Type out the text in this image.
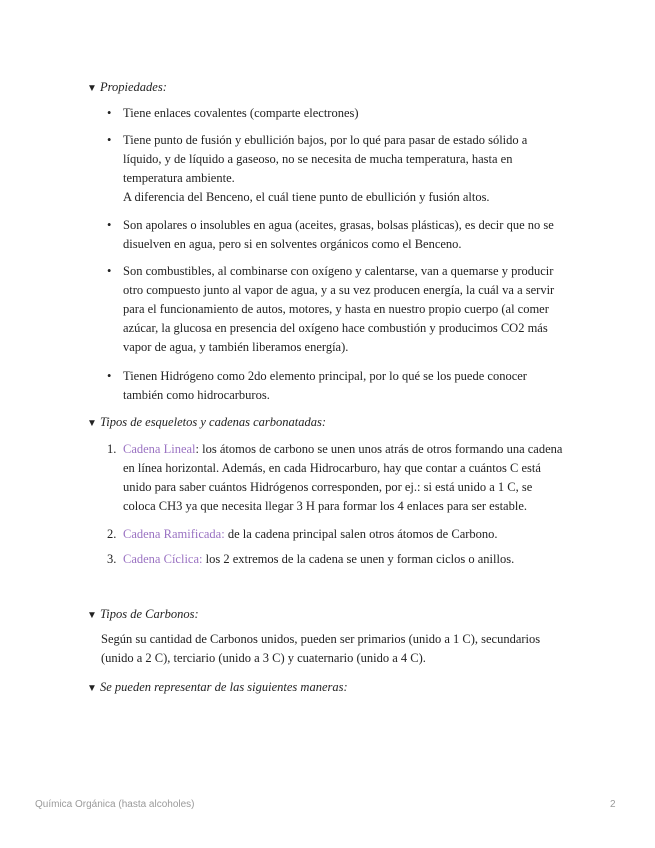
▼ Propiedades:
• Tiene enlaces covalentes (comparte electrones)
• Tiene punto de fusión y ebullición bajos, por lo qué para pasar de estado sólido a
líquido, y de líquido a gaseoso, no se necesita de mucha temperatura, hasta en
temperatura ambiente.
A diferencia del Benceno, el cuál tiene punto de ebullición y fusión altos.
• Son apolares o insolubles en agua (aceites, grasas, bolsas plásticas), es decir que no se
disuelven en agua, pero si en solventes orgánicos como el Benceno.
• Son combustibles, al combinarse con oxígeno y calentarse, van a quemarse y producir
otro compuesto junto al vapor de agua, y a su vez producen energía, la cuál va a servir
para el funcionamiento de autos, motores, y hasta en nuestro propio cuerpo (al comer
azúcar, la glucosa en presencia del oxígeno hace combustión y producimos CO2 más
vapor de agua, y también liberamos energía).
• Tienen Hidrógeno como 2do elemento principal, por lo qué se los puede conocer
también como hidrocarburos.
▼ Tipos de esqueletos y cadenas carbonatadas:
1. Cadena Lineal: los átomos de carbono se unen unos atrás de otros formando una cadena
en línea horizontal. Además, en cada Hidrocarburo, hay que contar a cuántos C está
unido para saber cuántos Hidrógenos corresponden, por ej.: si está unido a 1 C, se
coloca CH3 ya que necesita llegar 3 H para formar los 4 enlaces para ser estable.
2. Cadena Ramificada: de la cadena principal salen otros átomos de Carbono.
3. Cadena Cíclica: los 2 extremos de la cadena se unen y forman ciclos o anillos.
▼ Tipos de Carbonos:
Según su cantidad de Carbonos unidos, pueden ser primarios (unido a 1 C), secundarios
(unido a 2 C), terciario (unido a 3 C) y cuaternario (unido a 4 C).
▼ Se pueden representar de las siguientes maneras:
Química Orgánica (hasta alcoholes)	2
